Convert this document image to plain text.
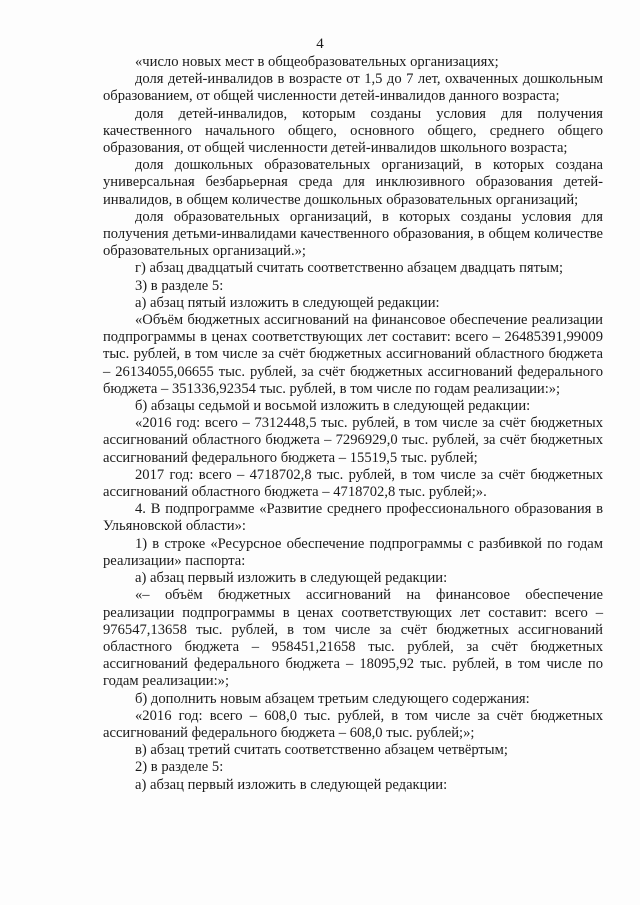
4

«число новых мест в общеобразовательных организациях;

доля детей-инвалидов в возрасте от 1,5 до 7 лет, охваченных дошкольным образованием, от общей численности детей-инвалидов данного возраста;

доля детей-инвалидов, которым созданы условия для получения качественного начального общего, основного общего, среднего общего образования, от общей численности детей-инвалидов школьного возраста;

доля дошкольных образовательных организаций, в которых создана универсальная безбарьерная среда для инклюзивного образования детей-инвалидов, в общем количестве дошкольных образовательных организаций;

доля образовательных организаций, в которых созданы условия для получения детьми-инвалидами качественного образования, в общем количестве образовательных организаций.»;

г) абзац двадцатый считать соответственно абзацем двадцать пятым;

3) в разделе 5:

а) абзац пятый изложить в следующей редакции:

«Объём бюджетных ассигнований на финансовое обеспечение реализации подпрограммы в ценах соответствующих лет составит: всего – 26485391,99009 тыс. рублей, в том числе за счёт бюджетных ассигнований областного бюджета – 26134055,06655 тыс. рублей, за счёт бюджетных ассигнований федерального бюджета – 351336,92354 тыс. рублей, в том числе по годам реализации:»;

б) абзацы седьмой и восьмой изложить в следующей редакции:

«2016 год: всего – 7312448,5 тыс. рублей, в том числе за счёт бюджетных ассигнований областного бюджета – 7296929,0 тыс. рублей, за счёт бюджетных ассигнований федерального бюджета – 15519,5 тыс. рублей;

2017 год: всего – 4718702,8 тыс. рублей, в том числе за счёт бюджетных ассигнований областного бюджета – 4718702,8 тыс. рублей;».

4. В подпрограмме «Развитие среднего профессионального образования в Ульяновской области»:

1) в строке «Ресурсное обеспечение подпрограммы с разбивкой по годам реализации» паспорта:

а) абзац первый изложить в следующей редакции:

«– объём бюджетных ассигнований на финансовое обеспечение реализации подпрограммы в ценах соответствующих лет составит: всего – 976547,13658 тыс. рублей, в том числе за счёт бюджетных ассигнований областного бюджета – 958451,21658 тыс. рублей, за счёт бюджетных ассигнований федерального бюджета – 18095,92 тыс. рублей, в том числе по годам реализации:»;

б) дополнить новым абзацем третьим следующего содержания:

«2016 год: всего – 608,0 тыс. рублей, в том числе за счёт бюджетных ассигнований федерального бюджета – 608,0 тыс. рублей;»;

в) абзац третий считать соответственно абзацем четвёртым;

2) в разделе 5:

а) абзац первый изложить в следующей редакции:
